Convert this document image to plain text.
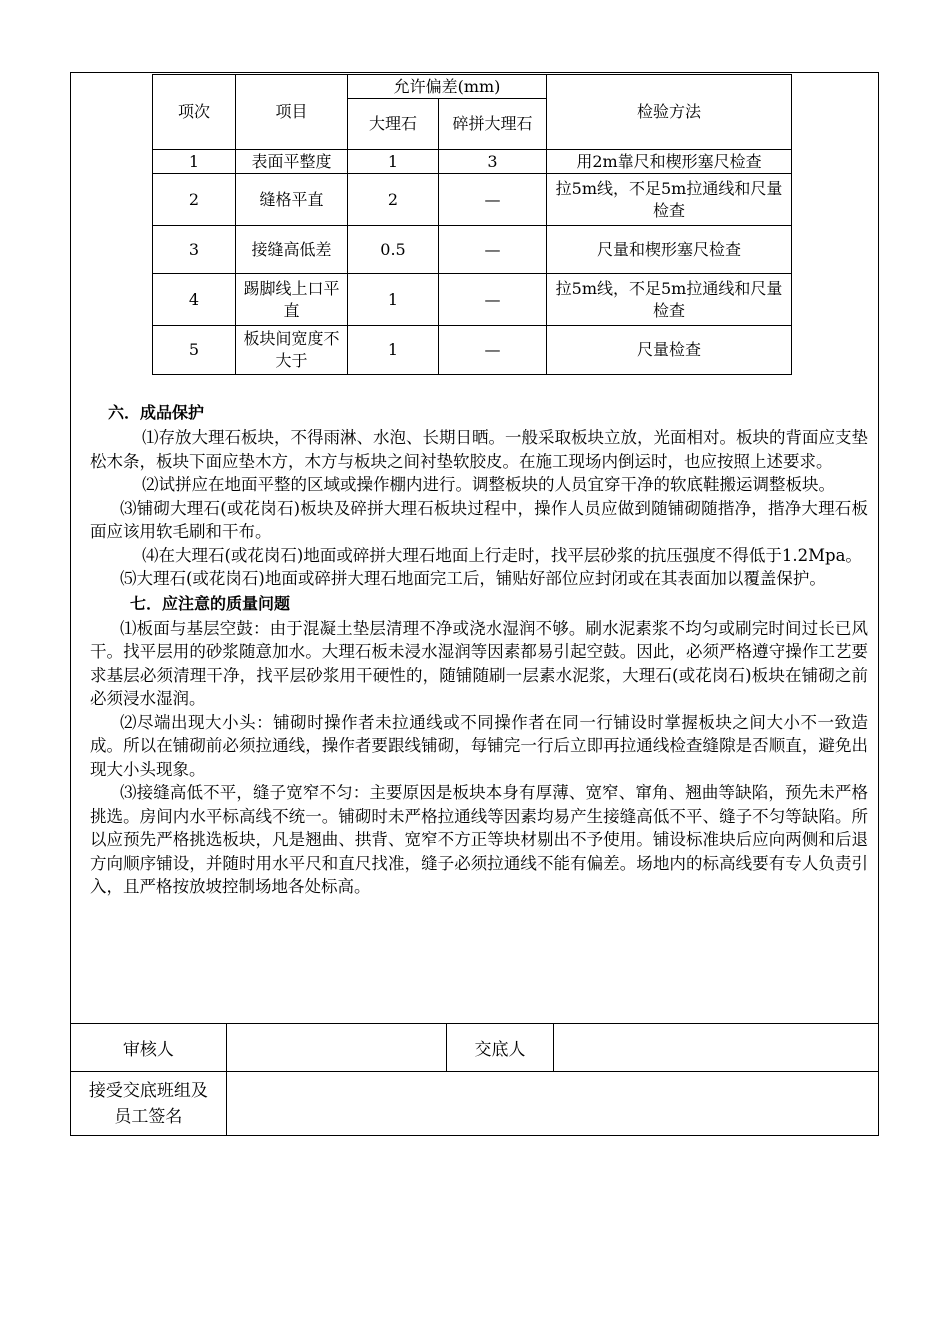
项次	项目	允许偏差(mm)		检验方法
		大理石	碎拼大理石	
1	表面平整度	1	3	用2m靠尺和楔形塞尺检查
2	缝格平直	2	—	拉5m线，不足5m拉通线和尺量检查
3	接缝高低差	0.5	—	尺量和楔形塞尺检查
4	踢脚线上口平直	1	—	拉5m线，不足5m拉通线和尺量检查
5	板块间宽度不大于	1	—	尺量检查

六．成品保护

⑴存放大理石板块，不得雨淋、水泡、长期日晒。一般采取板块立放，光面相对。板块的背面应支垫松木条，板块下面应垫木方，木方与板块之间衬垫软胶皮。在施工现场内倒运时，也应按照上述要求。

⑵试拼应在地面平整的区域或操作棚内进行。调整板块的人员宜穿干净的软底鞋搬运调整板块。

⑶铺砌大理石(或花岗石)板块及碎拼大理石板块过程中，操作人员应做到随铺砌随揩净，揩净大理石板面应该用软毛刷和干布。

⑷在大理石(或花岗石)地面或碎拼大理石地面上行走时，找平层砂浆的抗压强度不得低于1.2Mpa。

⑸大理石(或花岗石)地面或碎拼大理石地面完工后，铺贴好部位应封闭或在其表面加以覆盖保护。

七．应注意的质量问题

⑴板面与基层空鼓：由于混凝土垫层清理不净或浇水湿润不够。刷水泥素浆不均匀或刷完时间过长已风干。找平层用的砂浆随意加水。大理石板未浸水湿润等因素都易引起空鼓。因此，必须严格遵守操作工艺要求基层必须清理干净，找平层砂浆用干硬性的，随铺随刷一层素水泥浆，大理石(或花岗石)板块在铺砌之前必须浸水湿润。

⑵尽端出现大小头：铺砌时操作者未拉通线或不同操作者在同一行铺设时掌握板块之间大小不一致造成。所以在铺砌前必须拉通线，操作者要跟线铺砌，每铺完一行后立即再拉通线检查缝隙是否顺直，避免出现大小头现象。

⑶接缝高低不平，缝子宽窄不匀：主要原因是板块本身有厚薄、宽窄、窜角、翘曲等缺陷，预先未严格挑选。房间内水平标高线不统一。铺砌时未严格拉通线等因素均易产生接缝高低不平、缝子不匀等缺陷。所以应预先严格挑选板块，凡是翘曲、拱背、宽窄不方正等块材剔出不予使用。铺设标准块后应向两侧和后退方向顺序铺设，并随时用水平尺和直尺找准，缝子必须拉通线不能有偏差。场地内的标高线要有专人负责引入，且严格按放坡控制场地各处标高。

审核人		交底人	
接受交底班组及员工签名			
